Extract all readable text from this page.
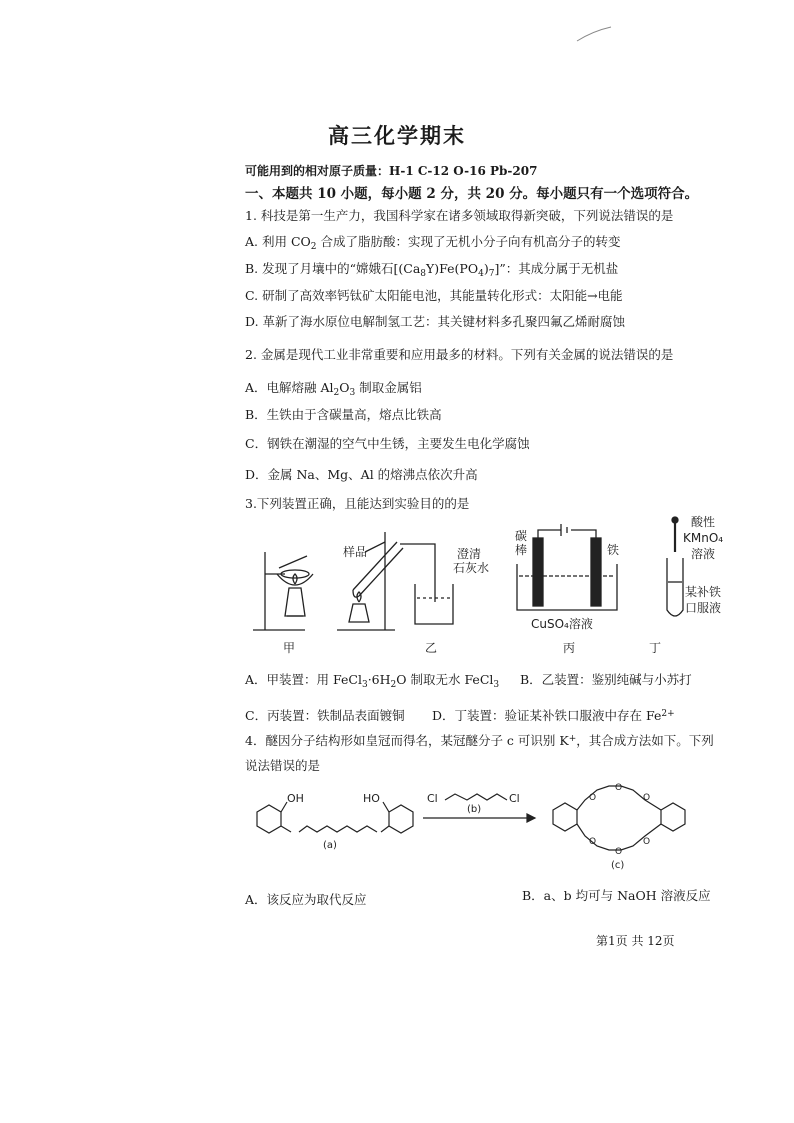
高三化学期末
可能用到的相对原子质量：H-1 C-12 O-16 Pb-207
一、本题共 10 小题，每小题 2 分，共 20 分。每小题只有一个选项符合。
1. 科技是第一生产力，我国科学家在诸多领域取得新突破，下列说法错误的是
A. 利用 $CO_2$ 合成了脂肪酸：实现了无机小分子向有机高分子的转变
B. 发现了月壤中的“嫦娥石$[(Ca_8Y)Fe(PO_4)_7]$”：其成分属于无机盐
C. 研制了高效率钙钛矿太阳能电池，其能量转化形式：太阳能→电能
D. 革新了海水原位电解制氢工艺：其关键材料多孔聚四氟乙烯耐腐蚀
2. 金属是现代工业非常重要和应用最多的材料。下列有关金属的说法错误的是
A．电解熔融 $Al_2O_3$ 制取金属铝
B．生铁由于含碳量高，熔点比铁高
C．钢铁在潮湿的空气中生锈，主要发生电化学腐蚀
D．金属 Na、Mg、Al 的熔沸点依次升高
3.下列装置正确，且能达到实验目的的是
甲
样品	澄清
石灰水
乙
碳
棒	铁
CuSO₄溶液
丙
酸性
KMnO₄
溶液
某补铁
口服液
丁
A．甲装置：用 $FeCl_3\cdot 6H_2O$ 制取无水 FeCl$_3$ B．乙装置：鉴别纯碱与小苏打
C．丙装置：铁制品表面镀铜 D．丁装置：验证某补铁口服液中存在 $Fe^{2+}$
4．醚因分子结构形如皇冠而得名，某冠醚分子 c 可识别 K+，其合成方法如下。下列
说法错误的是
OH	HO
(a)
Cl	Cl
(b)
O
O
O
O
O
O
(c)
A．该反应为取代反应	B．a、b 均可与 NaOH 溶液反应
第1页 共 12页
